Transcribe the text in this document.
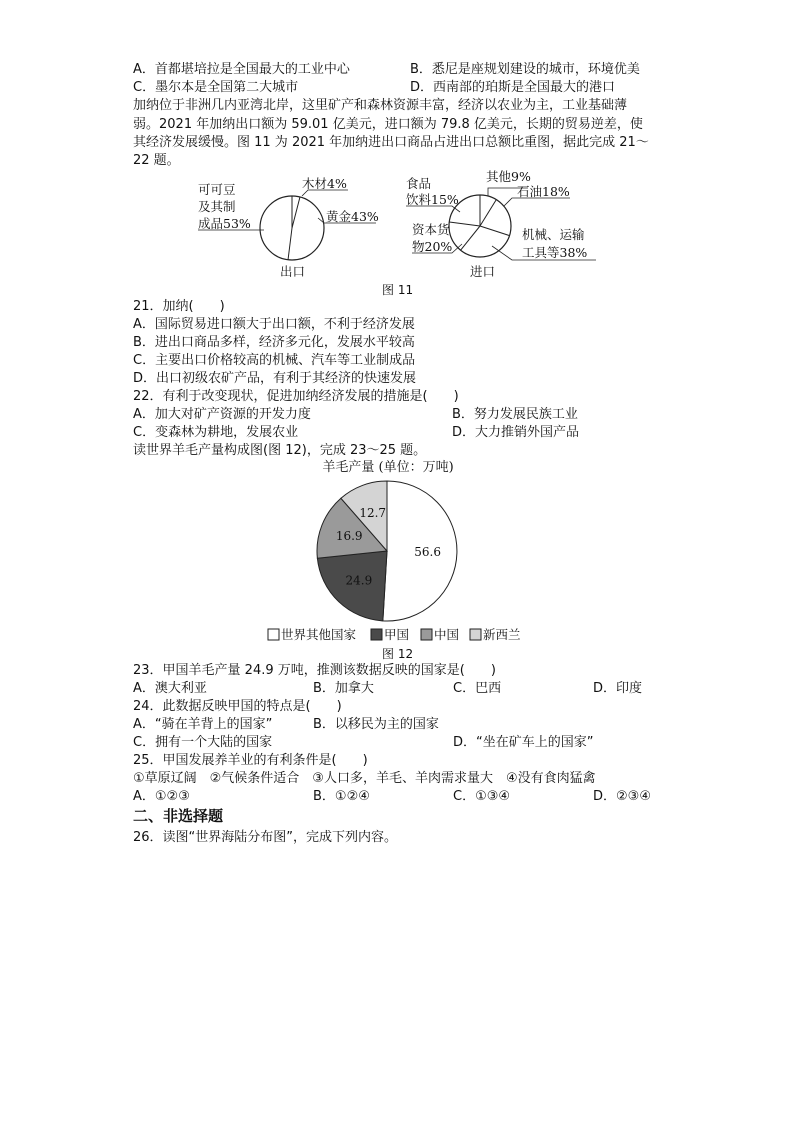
A．首都堪培拉是全国最大的工业中心	B．悉尼是座规划建设的城市，环境优美
C．墨尔本是全国第二大城市	D．西南部的珀斯是全国最大的港口
加纳位于非洲几内亚湾北岸，这里矿产和森林资源丰富，经济以农业为主，工业基础薄
弱。2021 年加纳出口额为 59.01 亿美元，进口额为 79.8 亿美元，长期的贸易逆差，使
其经济发展缓慢。图 11 为 2021 年加纳进出口商品占进出口总额比重图，据此完成 21～
22 题。
可可豆
及其制
成品53%
木材4%
黄金43%
出口
食品
饮料15%
其他9%
石油18%
资本货
物20%
机械、运输
工具等38%
进口
图 11
21．加纳(　　)
A．国际贸易进口额大于出口额，不利于经济发展
B．进出口商品多样，经济多元化，发展水平较高
C．主要出口价格较高的机械、汽车等工业制成品
D．出口初级农矿产品，有利于其经济的快速发展
22．有利于改变现状，促进加纳经济发展的措施是(　　)
A．加大对矿产资源的开发力度	B．努力发展民族工业
C．变森林为耕地，发展农业	D．大力推销外国产品
读世界羊毛产量构成图(图 12)，完成 23～25 题。
羊毛产量 (单位：万吨)
56.6
24.9
16.9
12.7
世界其他国家 甲国 中国 新西兰
图 12
23．甲国羊毛产量 24.9 万吨，推测该数据反映的国家是(　　)
A．澳大利亚	B．加拿大	C．巴西	D．印度
24．此数据反映甲国的特点是(　　)
A．“骑在羊背上的国家”	B．以移民为主的国家
C．拥有一个大陆的国家	D．“坐在矿车上的国家”
25．甲国发展养羊业的有利条件是(　　)
①草原辽阔　②气候条件适合　③人口多，羊毛、羊肉需求量大　④没有食肉猛禽
A．①②③	B．①②④	C．①③④	D．②③④
二、非选择题
26．读图“世界海陆分布图”，完成下列内容。
